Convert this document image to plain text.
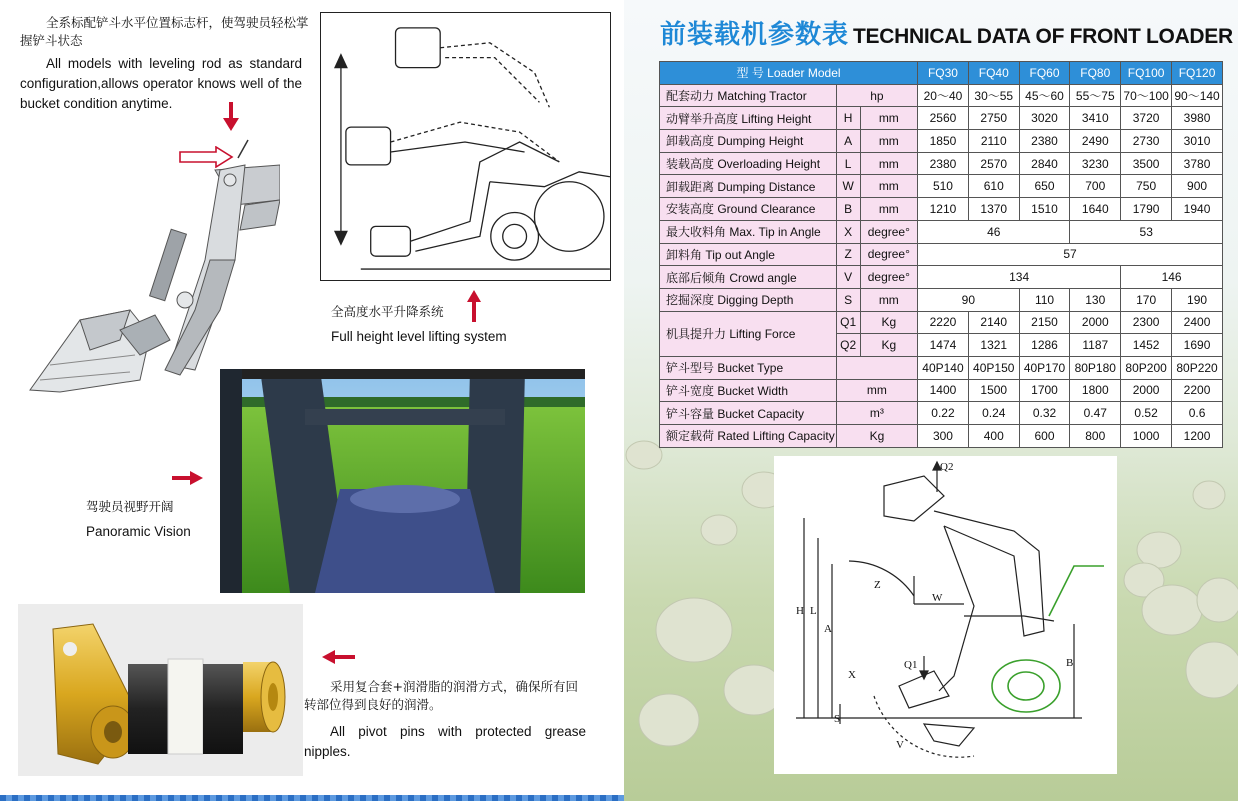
全系标配铲斗水平位置标志杆，使驾驶员轻松掌握铲斗状态
All models with leveling rod as standard configuration,allows operator knows well of the bucket condition anytime.
全高度水平升降系统
Full height level lifting system
驾驶员视野开阔
Panoramic Vision
采用复合套+润滑脂的润滑方式，确保所有回转部位得到良好的润滑。
All pivot pins with protected grease nipples.
前装载机参数表 TECHNICAL DATA OF FRONT LOADER
型 号 Loader Model			FQ30	FQ40	FQ60	FQ80	FQ100	FQ120
配套动力 Matching Tractor	hp		20～40	30～55	45～60	55～75	70～100	90～140
动臂举升高度 Lifting Height	H	mm	2560	2750	3020	3410	3720	3980
卸载高度 Dumping Height	A	mm	1850	2110	2380	2490	2730	3010
装载高度 Overloading Height	L	mm	2380	2570	2840	3230	3500	3780
卸载距离 Dumping Distance	W	mm	510	610	650	700	750	900
安装高度 Ground Clearance	B	mm	1210	1370	1510	1640	1790	1940
最大收料角 Max. Tip in Angle	X	degree°	46			53		
卸料角 Tip out Angle	Z	degree°	57					
底部后倾角 Crowd angle	V	degree°	134				146	
挖掘深度 Digging Depth	S	mm	90		110	130	170	190
机具提升力 Lifting Force	Q1	Kg	2220	2140	2150	2000	2300	2400
	Q2	Kg	1474	1321	1286	1187	1452	1690
铲斗型号 Bucket Type			40P140	40P150	40P170	80P180	80P200	80P220
铲斗宽度 Bucket Width	mm		1400	1500	1700	1800	2000	2200
铲斗容量 Bucket Capacity	m³		0.22	0.24	0.32	0.47	0.52	0.6
额定载荷 Rated Lifting Capacity	Kg		300	400	600	800	1000	1200
Q2
Q1
H L
A
W
B
S
X
Z
V
